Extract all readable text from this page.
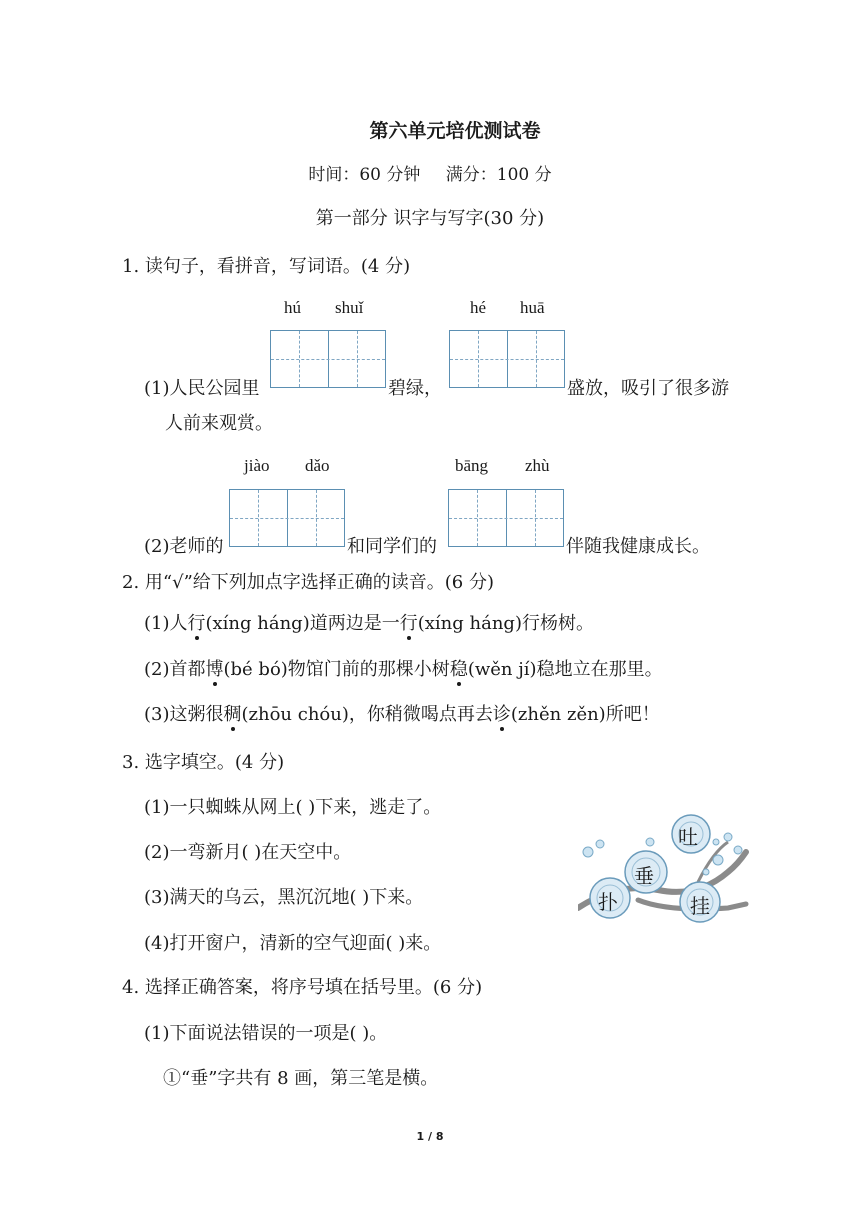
第六单元培优测试卷
时间：60 分钟 满分：100 分
第一部分 识字与写字(30 分)
1. 读句子，看拼音，写词语。(4 分)
hú shuǐ	hé huā
(1)人民公园里	碧绿，	盛放，吸引了很多游
人前来观赏。
jiào dǎo	bāng zhù
(2)老师的	和同学们的	伴随我健康成长。
2. 用“√”给下列加点字选择正确的读音。(6 分)
(1)人行(xíng háng)道两边是一行(xíng háng)行杨树。
(2)首都博(bé bó)物馆门前的那棵小树稳(wěn jí)稳地立在那里。
(3)这粥很稠(zhōu chóu)，你稍微喝点再去诊(zhěn zěn)所吧！
3. 选字填空。(4 分)
(1)一只蜘蛛从网上( )下来，逃走了。
(2)一弯新月( )在天空中。
(3)满天的乌云，黑沉沉地( )下来。
(4)打开窗户，清新的空气迎面( )来。
吐
垂
扑	挂
4. 选择正确答案，将序号填在括号里。(6 分)
(1)下面说法错误的一项是( )。
①“垂”字共有 8 画，第三笔是横。
1 / 8
